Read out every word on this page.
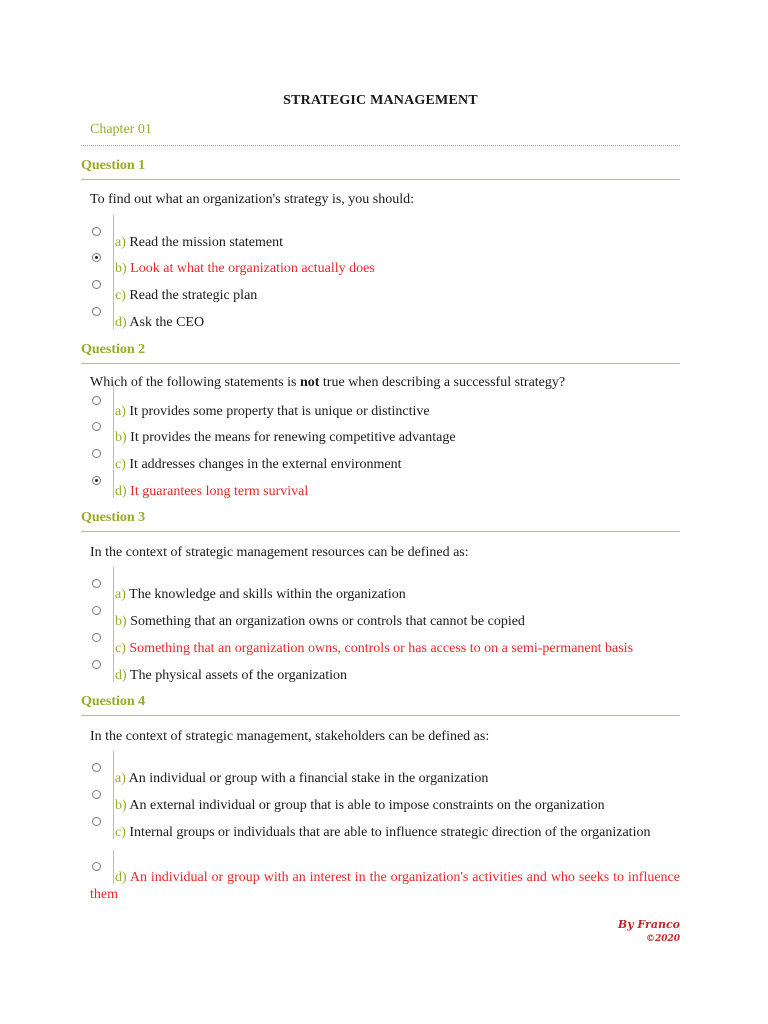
STRATEGIC MANAGEMENT
Chapter 01
Question 1
To find out what an organization's strategy is, you should:
a) Read the mission statement
b) Look at what the organization actually does
c) Read the strategic plan
d) Ask the CEO
Question 2
Which of the following statements is not true when describing a successful strategy?
a) It provides some property that is unique or distinctive
b) It provides the means for renewing competitive advantage
c) It addresses changes in the external environment
d) It guarantees long term survival
Question 3
In the context of strategic management resources can be defined as:
a) The knowledge and skills within the organization
b) Something that an organization owns or controls that cannot be copied
c) Something that an organization owns, controls or has access to on a semi-permanent basis
d) The physical assets of the organization
Question 4
In the context of strategic management, stakeholders can be defined as:
a) An individual or group with a financial stake in the organization
b) An external individual or group that is able to impose constraints on the organization
c) Internal groups or individuals that are able to influence strategic direction of the organization
d) An individual or group with an interest in the organization's activities and who seeks to influence them
By Franco
©2020
